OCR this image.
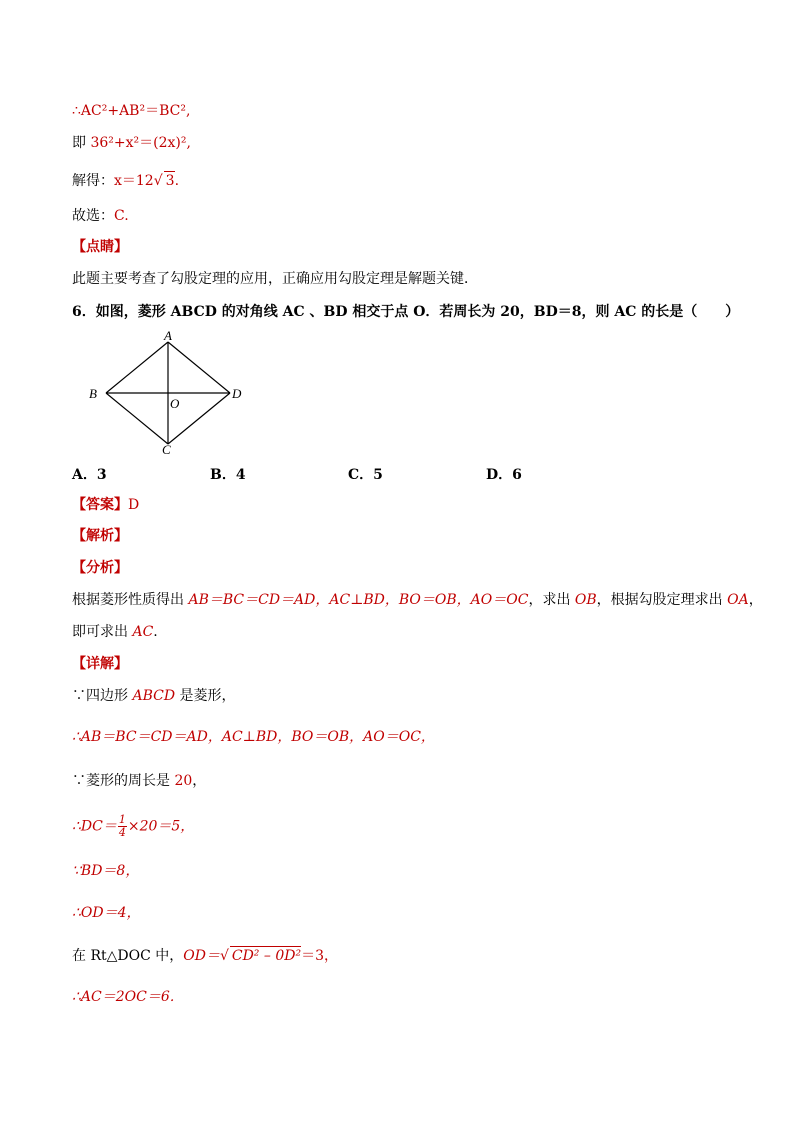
∴AC²+AB²＝BC²,
即 36²+x²＝(2x)²,
解得：x＝12√ 3.
故选：C.
【点睛】
此题主要考查了勾股定理的应用，正确应用勾股定理是解题关键．
6．如图，菱形 ABCD 的对角线 AC 、BD 相交于点 O．若周长为 20，BD＝8，则 AC 的长是（　　）
A
B
C
D
O
A．3	B．4	C．5	D．6
【答案】D
【解析】
【分析】
根据菱形性质得出 AB＝BC＝CD＝AD，AC⊥BD，BO＝OB，AO＝OC，求出 OB，根据勾股定理求出 OA，
即可求出 AC.
【详解】
∵四边形 ABCD 是菱形，
∴AB＝BC＝CD＝AD，AC⊥BD，BO＝OB，AO＝OC，
∵菱形的周长是 20，
∴DC＝ $\frac{1}{4} \times 20=5$，
∵BD＝8，
∴OD＝4，
在 Rt△DOC 中，OD＝√ CD² – 0D²＝3，
∴AC＝2OC＝6．
